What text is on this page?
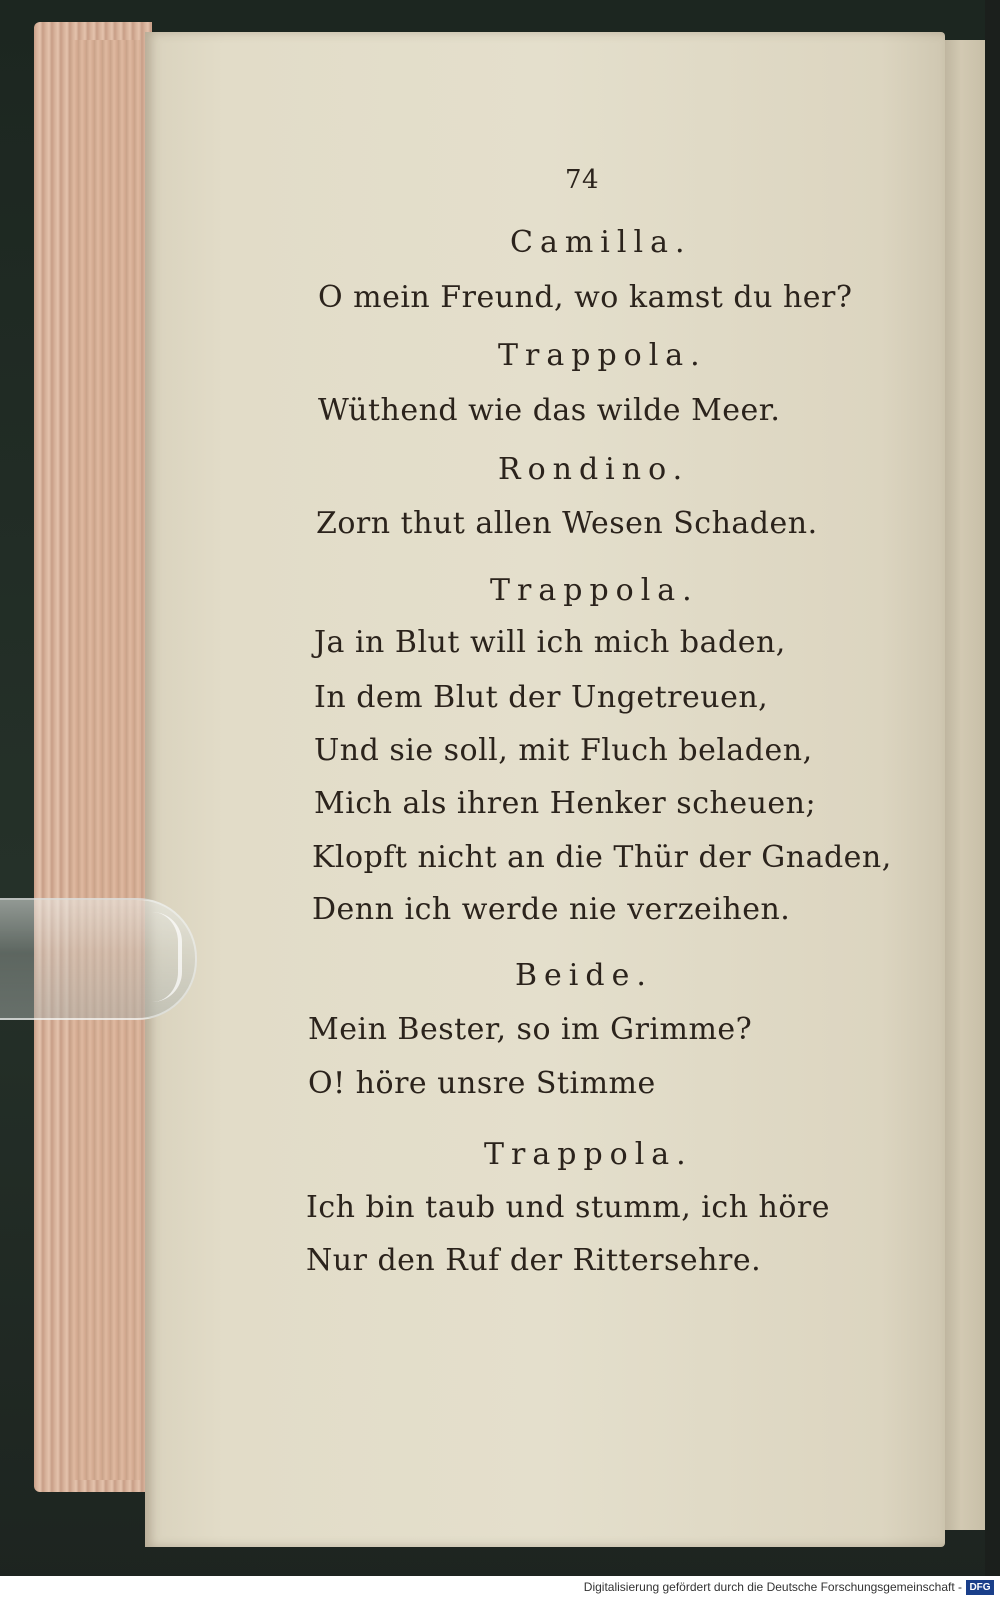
74
Camilla.
O mein Freund, wo kamst du her?
Trappola.
Wüthend wie das wilde Meer.
Rondino.
Zorn thut allen Wesen Schaden.
Trappola.
Ja in Blut will ich mich baden,
In dem Blut der Ungetreuen,
Und sie soll, mit Fluch beladen,
Mich als ihren Henker scheuen;
Klopft nicht an die Thür der Gnaden,
Denn ich werde nie verzeihen.
Beide.
Mein Bester, so im Grimme?
O! höre unsre Stimme
Trappola.
Ich bin taub und stumm, ich höre
Nur den Ruf der Rittersehre.
Digitalisierung gefördert durch die Deutsche Forschungsgemeinschaft - DFG
